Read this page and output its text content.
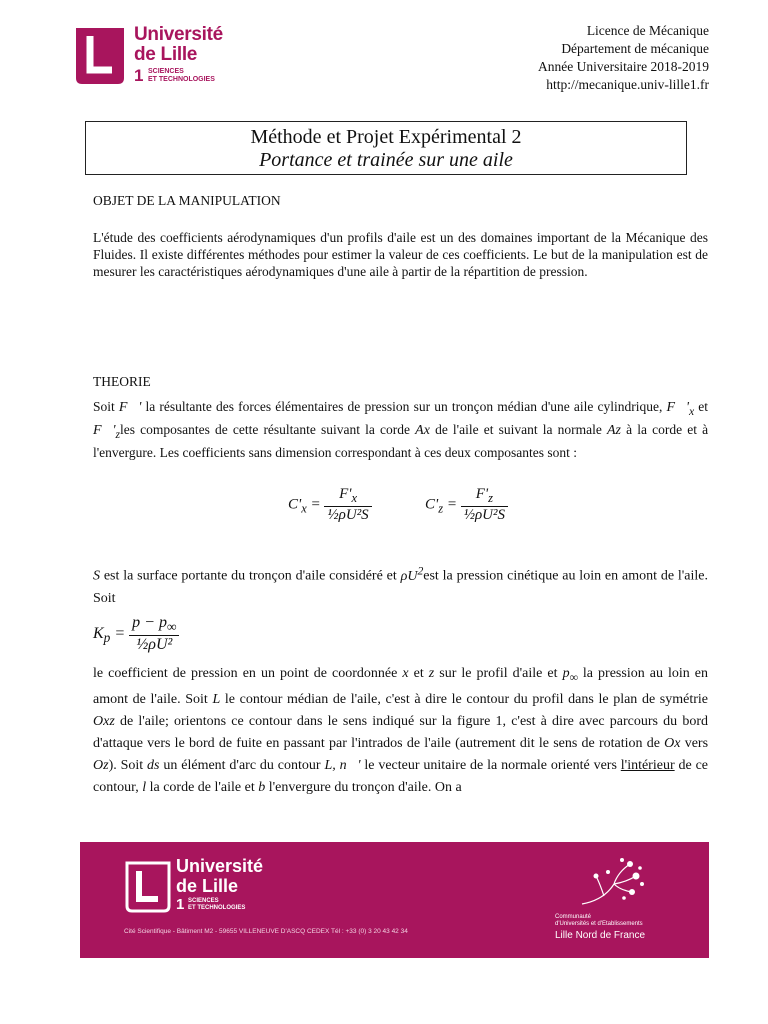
Université
de Lille
1 SCIENCES
ET TECHNOLOGIES
Licence de Mécanique
Département de mécanique
Année Universitaire 2018-2019
http://mecanique.univ-lille1.fr
Méthode et Projet Expérimental 2
Portance et trainée sur une aile
OBJET DE LA MANIPULATION
L'étude des coefficients aérodynamiques d'un profils d'aile est un des domaines important de la Mécanique des Fluides. Il existe différentes méthodes pour estimer la valeur de ces coefficients. Le but de la manipulation est de mesurer les caractéristiques aérodynamiques d'une aile à partir de la répartition de pression.
THEORIE
Soit F⃗' la résultante des forces élémentaires de pression sur un tronçon médian d'une aile cylindrique, $F⃗'_x$ et $F⃗'_zles$ composantes de cette résultante suivant la corde Ax de l'aile et suivant la normale Az à la corde et à l'envergure. Les coefficients sans dimension correspondant à ces deux composantes sont :
$C'_x = \frac{F'_x}{\text{½ρU²S}}$	$C'_z = \frac{F'_z}{\text{½ρU²S}}$
S est la surface portante du tronçon d'aile considéré et $\rho U^2est$ la pression cinétique au loin en amont de l'aile. Soit
$K_p = \frac{p - p_\infty}{\text{½ρU²}}$
le coefficient de pression en un point de coordonnée x et z sur le profil d'aile et $p_\infty$ la pression au loin en amont de l'aile. Soit L le contour médian de l'aile, c'est à dire le contour du profil dans le plan de symétrie Oxz de l'aile; orientons ce contour dans le sens indiqué sur la figure 1, c'est à dire avec parcours du bord d'attaque vers le bord de fuite en passant par l'intrados de l'aile (autrement dit le sens de rotation de Ox vers Oz). Soit ds un élément d'arc du contour L, n⃗' le vecteur unitaire de la normale orienté vers l'intérieur de ce contour, l la corde de l'aile et b l'envergure du tronçon d'aile. On a
Université
de Lille
1 SCIENCES
ET TECHNOLOGIES
Cité Scientifique - Bâtiment M2 - 59655 VILLENEUVE D'ASCQ CEDEX Tél : +33 (0) 3 20 43 42 34
Communauté
d'Universités et d'Etablissements
Lille Nord de France
